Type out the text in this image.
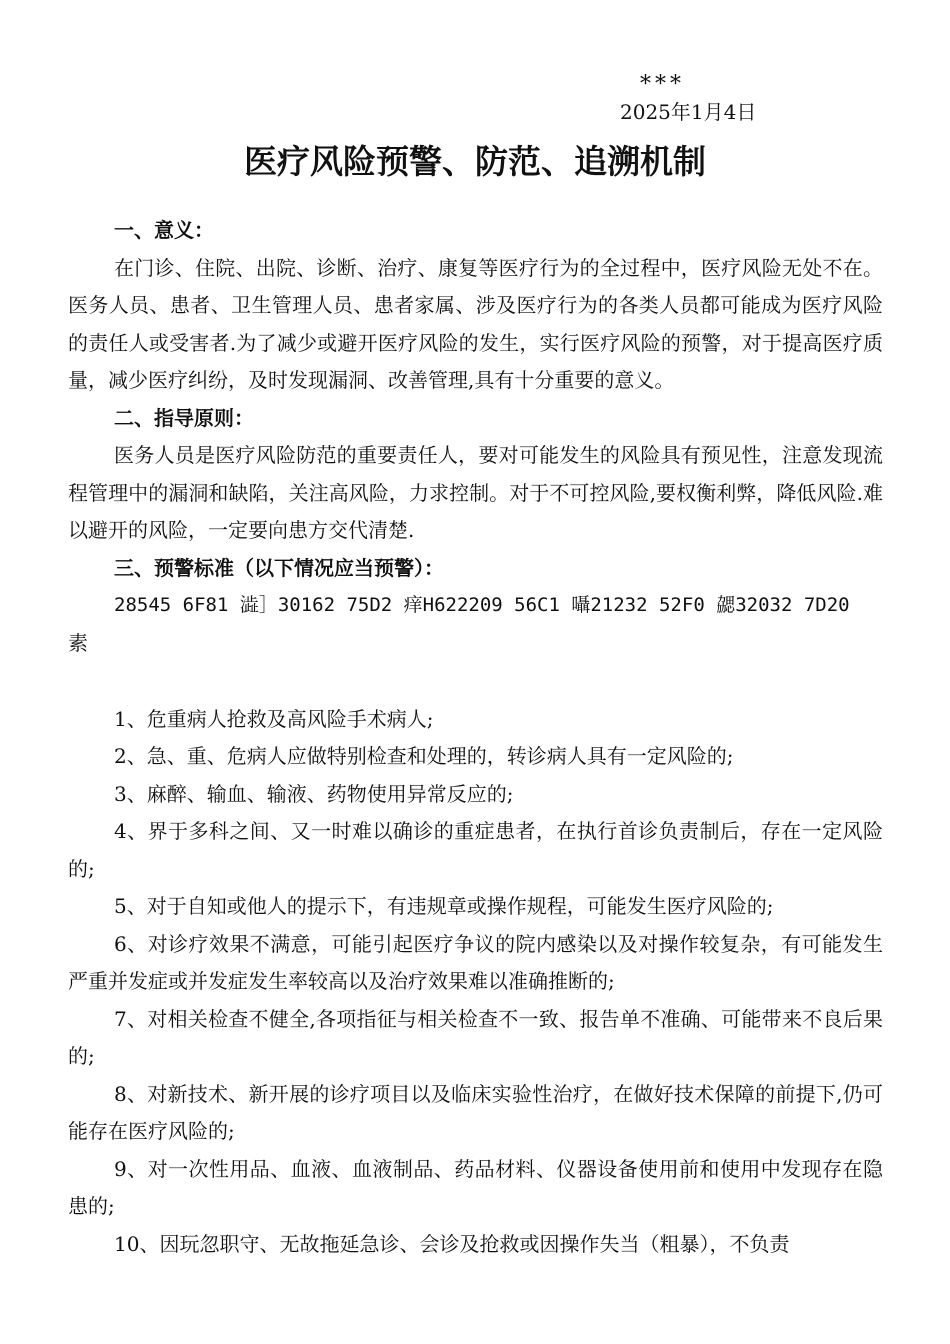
***
2025年1月4日
医疗风险预警、防范、追溯机制

一、意义：

在门诊、住院、出院、诊断、治疗、康复等医疗行为的全过程中，医疗风险无处不在。医务人员、患者、卫生管理人员、患者家属、涉及医疗行为的各类人员都可能成为医疗风险的责任人或受害者.为了减少或避开医疗风险的发生，实行医疗风险的预警，对于提高医疗质量，减少医疗纠纷，及时发现漏洞、改善管理,具有十分重要的意义。

二、指导原则：

医务人员是医疗风险防范的重要责任人，要对可能发生的风险具有预见性，注意发现流程管理中的漏洞和缺陷，关注高风险，力求控制。对于不可控风险,要权衡利弊，降低风险.难以避开的风险，一定要向患方交代清楚.

三、预警标准（以下情况应当预警）：

28545 6F81 澁］30162 75D2 痒H622209 56C1 囁21232 52F0 勰32032 7D20
素

1、危重病人抢救及高风险手术病人;

2、急、重、危病人应做特别检查和处理的，转诊病人具有一定风险的;

3、麻醉、输血、输液、药物使用异常反应的;

4、界于多科之间、又一时难以确诊的重症患者，在执行首诊负责制后，存在一定风险的;

5、对于自知或他人的提示下，有违规章或操作规程，可能发生医疗风险的;

6、对诊疗效果不满意，可能引起医疗争议的院内感染以及对操作较复杂，有可能发生严重并发症或并发症发生率较高以及治疗效果难以准确推断的;

7、对相关检查不健全,各项指征与相关检查不一致、报告单不准确、可能带来不良后果的;

8、对新技术、新开展的诊疗项目以及临床实验性治疗，在做好技术保障的前提下,仍可能存在医疗风险的;

9、对一次性用品、血液、血液制品、药品材料、仪器设备使用前和使用中发现存在隐患的;

10、因玩忽职守、无故拖延急诊、会诊及抢救或因操作失当（粗暴），不负责
